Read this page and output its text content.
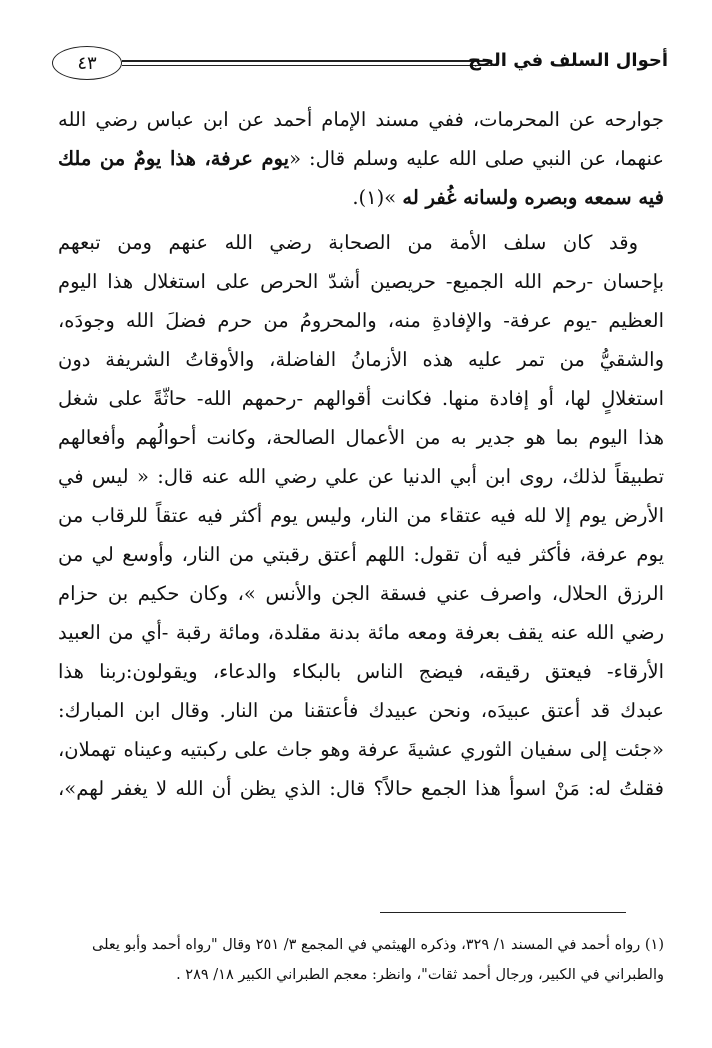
٤٣	أحوال السلف في الحج
جوارحه عن المحرمات، ففي مسند الإمام أحمد عن ابن عباس رضي الله
عنهما، عن النبي صلى الله عليه وسلم قال: «يوم عرفة، هذا يومٌ من ملك
فيه سمعه وبصره ولسانه غُفر له »(١).
وقد كان سلف الأمة من الصحابة رضي الله عنهم ومن تبعهم
بإحسان -رحم الله الجميع- حريصين أشدّ الحرص على استغلال هذا اليوم
العظيم -يوم عرفة- والإفادةِ منه، والمحرومُ من حرم فضلَ الله وجودَه،
والشقيُّ من تمر عليه هذه الأزمانُ الفاضلة، والأوقاتُ الشريفة دون
استغلالٍ لها، أو إفادة منها. فكانت أقوالهم -رحمهم الله- حاثّةً على شغل
هذا اليوم بما هو جدير به من الأعمال الصالحة، وكانت أحوالُهم وأفعالهم
تطبيقاً لذلك، روى ابن أبي الدنيا عن علي رضي الله عنه قال: « ليس في
الأرض يوم إلا لله فيه عتقاء من النار، وليس يوم أكثر فيه عتقاً للرقاب من
يوم عرفة، فأكثر فيه أن تقول: اللهم أعتق رقبتي من النار، وأوسع لي من
الرزق الحلال، واصرف عني فسقة الجن والأنس »، وكان حكيم بن حزام
رضي الله عنه يقف بعرفة ومعه مائة بدنة مقلدة، ومائة رقبة -أي من العبيد
الأرقاء- فيعتق رقيقه، فيضج الناس بالبكاء والدعاء، ويقولون:ربنا هذا
عبدك قد أعتق عبيدَه، ونحن عبيدك فأعتقنا من النار. وقال ابن المبارك:
«جئت إلى سفيان الثوري عشيةَ عرفة وهو جاث على ركبتيه وعيناه تهملان،
فقلتُ له: مَنْ اسوأ هذا الجمع حالاً؟ قال: الذي يظن أن الله لا يغفر لهم»،
(١) رواه أحمد في المسند ١/ ٣٢٩، وذكره الهيثمي في المجمع ٣/ ٢٥١ وقال "رواه أحمد وأبو يعلى
والطبراني في الكبير، ورجال أحمد ثقات"، وانظر: معجم الطبراني الكبير ١٨/ ٢٨٩ .
